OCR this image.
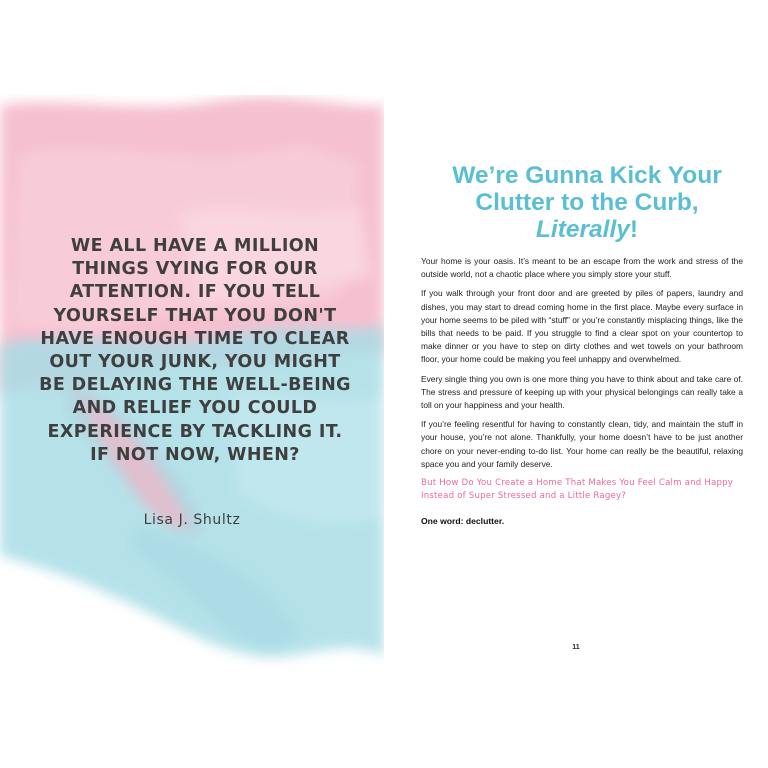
WE ALL HAVE A MILLION THINGS VYING FOR OUR ATTENTION. IF YOU TELL YOURSELF THAT YOU DON'T HAVE ENOUGH TIME TO CLEAR OUT YOUR JUNK, YOU MIGHT BE DELAYING THE WELL-BEING AND RELIEF YOU COULD EXPERIENCE BY TACKLING IT. IF NOT NOW, WHEN?

Lisa J. Shultz
We’re Gunna Kick Your Clutter to the Curb, Literally!

Your home is your oasis. It’s meant to be an escape from the work and stress of the outside world, not a chaotic place where you simply store your stuff.

If you walk through your front door and are greeted by piles of papers, laundry and dishes, you may start to dread coming home in the first place. Maybe every surface in your home seems to be piled with “stuff” or you’re constantly misplacing things, like the bills that needs to be paid. If you struggle to find a clear spot on your countertop to make dinner or you have to step on dirty clothes and wet towels on your bathroom floor, your home could be making you feel unhappy and overwhelmed.

Every single thing you own is one more thing you have to think about and take care of. The stress and pressure of keeping up with your physical belongings can really take a toll on your happiness and your health.

If you’re feeling resentful for having to constantly clean, tidy, and maintain the stuff in your house, you’re not alone. Thankfully, your home doesn’t have to be just another chore on your never-ending to-do list. Your home can really be the beautiful, relaxing space you and your family deserve.

But How Do You Create a Home That Makes You Feel Calm and Happy Instead of Super Stressed and a Little Ragey?
One word: declutter.
11
